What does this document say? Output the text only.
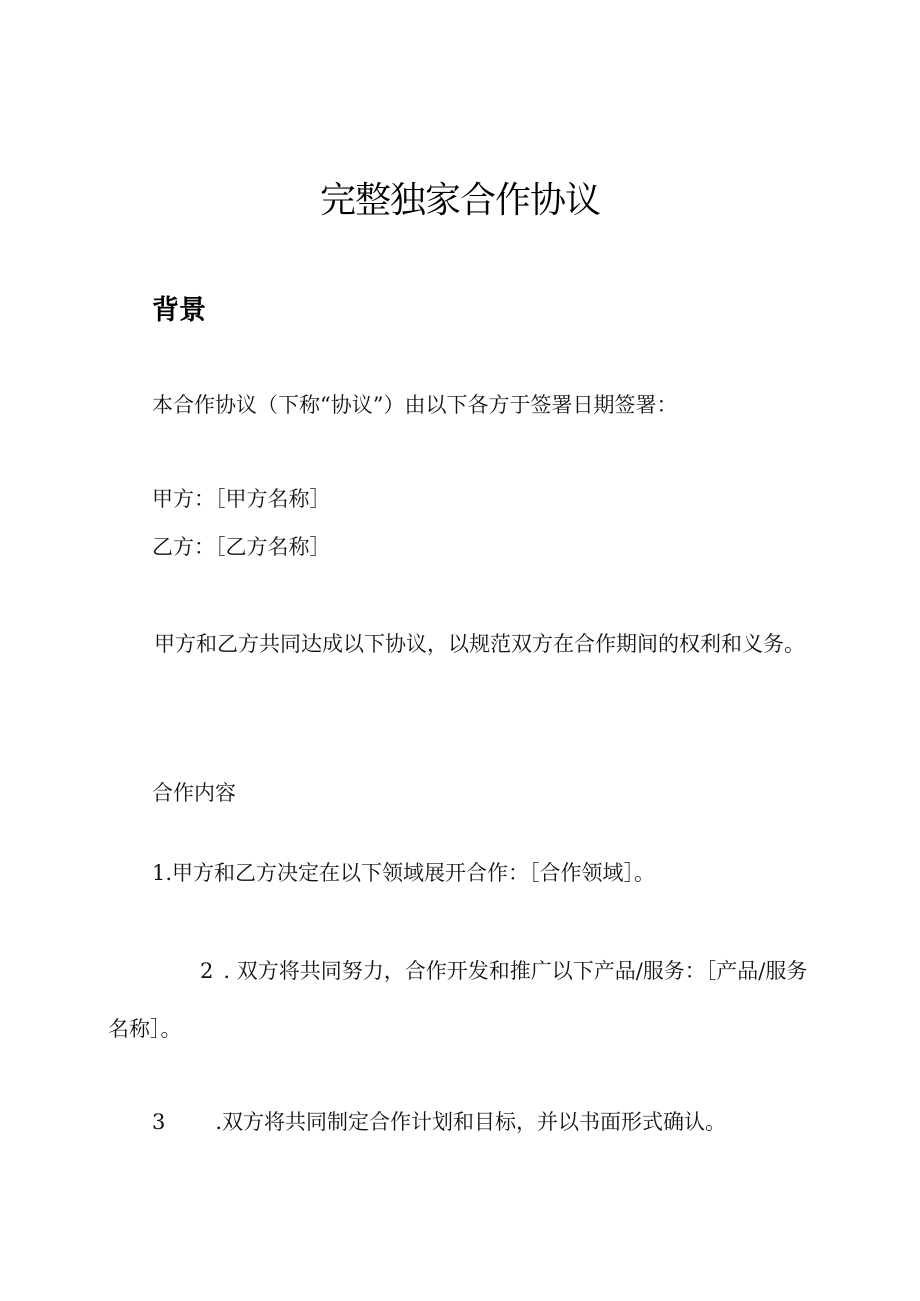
完整独家合作协议
背景
本合作协议（下称“协议”）由以下各方于签署日期签署：
甲方：［甲方名称］
乙方：［乙方名称］
甲方和乙方共同达成以下协议，以规范双方在合作期间的权利和义务。
合作内容
1.甲方和乙方决定在以下领域展开合作：［合作领域］。
2 . 双方将共同努力，合作开发和推广以下产品/服务：［产品/服务名称］。
3 .双方将共同制定合作计划和目标，并以书面形式确认。
